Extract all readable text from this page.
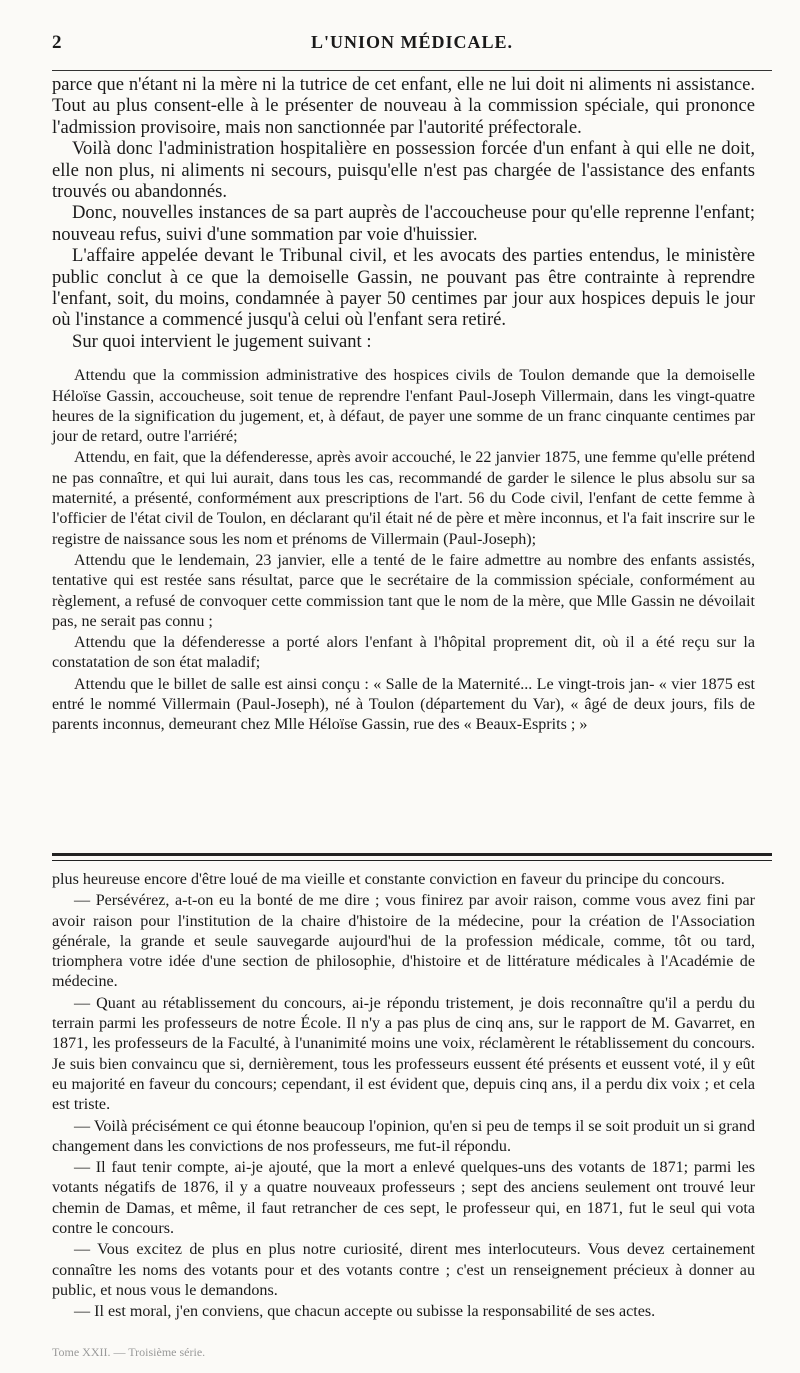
2	L'UNION MÉDICALE.

parce que n'étant ni la mère ni la tutrice de cet enfant, elle ne lui doit ni aliments ni assistance. Tout au plus consent-elle à le présenter de nouveau à la commission spéciale, qui prononce l'admission provisoire, mais non sanctionnée par l'autorité préfectorale.

Voilà donc l'administration hospitalière en possession forcée d'un enfant à qui elle ne doit, elle non plus, ni aliments ni secours, puisqu'elle n'est pas chargée de l'assistance des enfants trouvés ou abandonnés.

Donc, nouvelles instances de sa part auprès de l'accoucheuse pour qu'elle reprenne l'enfant; nouveau refus, suivi d'une sommation par voie d'huissier.

L'affaire appelée devant le Tribunal civil, et les avocats des parties entendus, le ministère public conclut à ce que la demoiselle Gassin, ne pouvant pas être contrainte à reprendre l'enfant, soit, du moins, condamnée à payer 50 centimes par jour aux hospices depuis le jour où l'instance a commencé jusqu'à celui où l'enfant sera retiré.

Sur quoi intervient le jugement suivant :

Attendu que la commission administrative des hospices civils de Toulon demande que la demoiselle Héloïse Gassin, accoucheuse, soit tenue de reprendre l'enfant Paul-Joseph Villermain, dans les vingt-quatre heures de la signification du jugement, et, à défaut, de payer une somme de un franc cinquante centimes par jour de retard, outre l'arriéré;

Attendu, en fait, que la défenderesse, après avoir accouché, le 22 janvier 1875, une femme qu'elle prétend ne pas connaître, et qui lui aurait, dans tous les cas, recommandé de garder le silence le plus absolu sur sa maternité, a présenté, conformément aux prescriptions de l'art. 56 du Code civil, l'enfant de cette femme à l'officier de l'état civil de Toulon, en déclarant qu'il était né de père et mère inconnus, et l'a fait inscrire sur le registre de naissance sous les nom et prénoms de Villermain (Paul-Joseph);

Attendu que le lendemain, 23 janvier, elle a tenté de le faire admettre au nombre des enfants assistés, tentative qui est restée sans résultat, parce que le secrétaire de la commission spéciale, conformément au règlement, a refusé de convoquer cette commission tant que le nom de la mère, que Mlle Gassin ne dévoilait pas, ne serait pas connu ;

Attendu que la défenderesse a porté alors l'enfant à l'hôpital proprement dit, où il a été reçu sur la constatation de son état maladif;

Attendu que le billet de salle est ainsi conçu : « Salle de la Maternité... Le vingt-trois jan- « vier 1875 est entré le nommé Villermain (Paul-Joseph), né à Toulon (département du Var), « âgé de deux jours, fils de parents inconnus, demeurant chez Mlle Héloïse Gassin, rue des « Beaux-Esprits ; »

plus heureuse encore d'être loué de ma vieille et constante conviction en faveur du principe du concours.

— Persévérez, a-t-on eu la bonté de me dire ; vous finirez par avoir raison, comme vous avez fini par avoir raison pour l'institution de la chaire d'histoire de la médecine, pour la création de l'Association générale, la grande et seule sauvegarde aujourd'hui de la profession médicale, comme, tôt ou tard, triomphera votre idée d'une section de philosophie, d'histoire et de littérature médicales à l'Académie de médecine.

— Quant au rétablissement du concours, ai-je répondu tristement, je dois reconnaître qu'il a perdu du terrain parmi les professeurs de notre École. Il n'y a pas plus de cinq ans, sur le rapport de M. Gavarret, en 1871, les professeurs de la Faculté, à l'unanimité moins une voix, réclamèrent le rétablissement du concours. Je suis bien convaincu que si, dernièrement, tous les professeurs eussent été présents et eussent voté, il y eût eu majorité en faveur du concours; cependant, il est évident que, depuis cinq ans, il a perdu dix voix ; et cela est triste.

— Voilà précisément ce qui étonne beaucoup l'opinion, qu'en si peu de temps il se soit produit un si grand changement dans les convictions de nos professeurs, me fut-il répondu.

— Il faut tenir compte, ai-je ajouté, que la mort a enlevé quelques-uns des votants de 1871; parmi les votants négatifs de 1876, il y a quatre nouveaux professeurs ; sept des anciens seulement ont trouvé leur chemin de Damas, et même, il faut retrancher de ces sept, le professeur qui, en 1871, fut le seul qui vota contre le concours.

— Vous excitez de plus en plus notre curiosité, dirent mes interlocuteurs. Vous devez certainement connaître les noms des votants pour et des votants contre ; c'est un renseignement précieux à donner au public, et nous vous le demandons.

— Il est moral, j'en conviens, que chacun accepte ou subisse la responsabilité de ses actes.

Tome XXII. — Troisième série.
